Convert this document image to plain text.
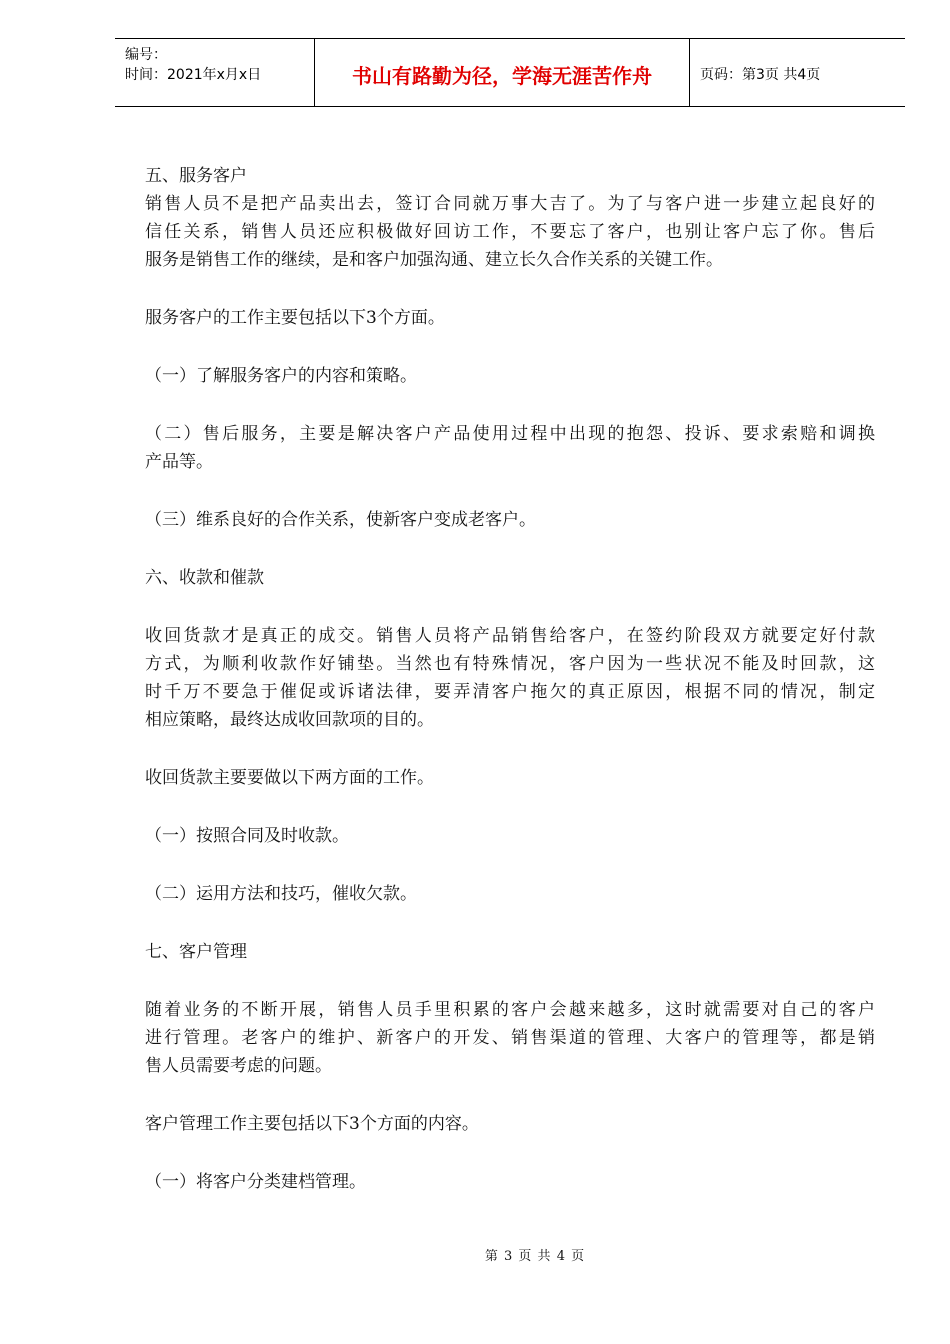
编号：
时间：2021年x月x日	书山有路勤为径，学海无涯苦作舟	页码：第3页 共4页
五、服务客户
销售人员不是把产品卖出去，签订合同就万事大吉了。为了与客户进一步建立起良好的
信任关系，销售人员还应积极做好回访工作，不要忘了客户，也别让客户忘了你。售后
服务是销售工作的继续，是和客户加强沟通、建立长久合作关系的关键工作。
服务客户的工作主要包括以下3个方面。
（一）了解服务客户的内容和策略。
（二）售后服务，主要是解决客户产品使用过程中出现的抱怨、投诉、要求索赔和调换
产品等。
（三）维系良好的合作关系，使新客户变成老客户。
六、收款和催款
收回货款才是真正的成交。销售人员将产品销售给客户，在签约阶段双方就要定好付款
方式，为顺利收款作好铺垫。当然也有特殊情况，客户因为一些状况不能及时回款，这
时千万不要急于催促或诉诸法律，要弄清客户拖欠的真正原因，根据不同的情况，制定
相应策略，最终达成收回款项的目的。
收回货款主要要做以下两方面的工作。
（一）按照合同及时收款。
（二）运用方法和技巧，催收欠款。
七、客户管理
随着业务的不断开展，销售人员手里积累的客户会越来越多，这时就需要对自己的客户
进行管理。老客户的维护、新客户的开发、销售渠道的管理、大客户的管理等，都是销
售人员需要考虑的问题。
客户管理工作主要包括以下3个方面的内容。
（一）将客户分类建档管理。
第 3 页 共 4 页
